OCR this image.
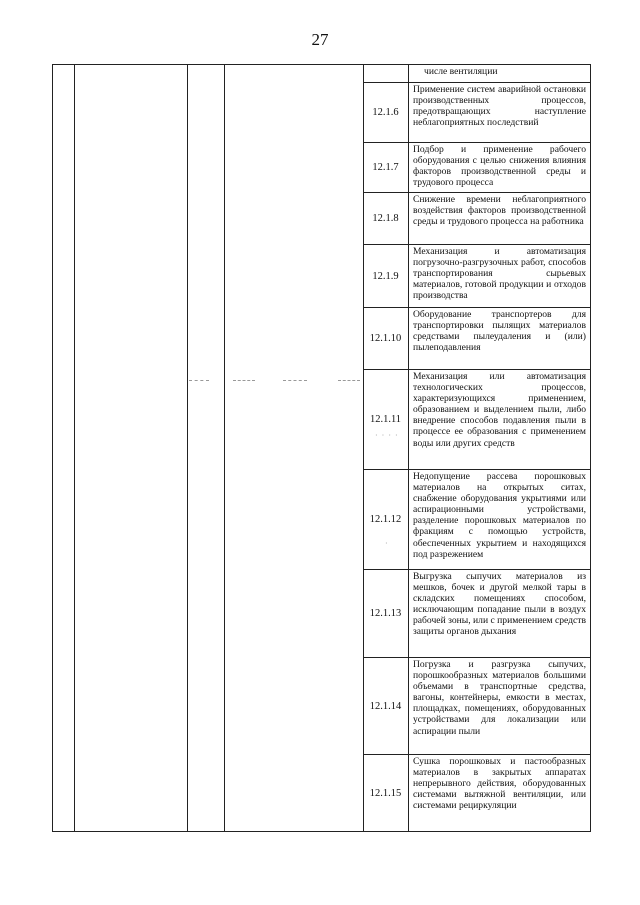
27
числе вентиляции
12.1.6
Применение систем аварийной остановки производственных процессов, предотвращающих наступление неблагоприятных последствий
12.1.7
Подбор и применение рабочего оборудования с целью снижения влияния факторов производственной среды и трудового процесса
12.1.8
Снижение времени неблагоприятного воздействия факторов производственной среды и трудового процесса на работника
12.1.9
Механизация и автоматизация погрузочно-разгрузочных работ, способов транспортирования сырьевых материалов, готовой продукции и отходов производства
12.1.10
Оборудование транспортеров для транспортировки пылящих материалов средствами пылеудаления и (или) пылеподавления
12.1.11
Механизация или автоматизация технологических процессов, характеризующихся применением, образованием и выделением пыли, либо внедрение способов подавления пыли в процессе ее образования с применением воды или других средств
12.1.12
Недопущение рассева порошковых материалов на открытых ситах, снабжение оборудования укрытиями или аспирационными устройствами, разделение порошковых материалов по фракциям с помощью устройств, обеспеченных укрытием и находящихся под разрежением
12.1.13
Выгрузка сыпучих материалов из мешков, бочек и другой мелкой тары в складских помещениях способом, исключающим попадание пыли в воздух рабочей зоны, или с применением средств защиты органов дыхания
12.1.14
Погрузка и разгрузка сыпучих, порошкообразных материалов большими объемами в транспортные средства, вагоны, контейнеры, емкости в местах, площадках, помещениях, оборудованных устройствами для локализации или аспирации пыли
12.1.15
Сушка порошковых и пастообразных материалов в закрытых аппаратах непрерывного действия, оборудованных системами вытяжной вентиляции, или системами рециркуляции
· · · ·
·
